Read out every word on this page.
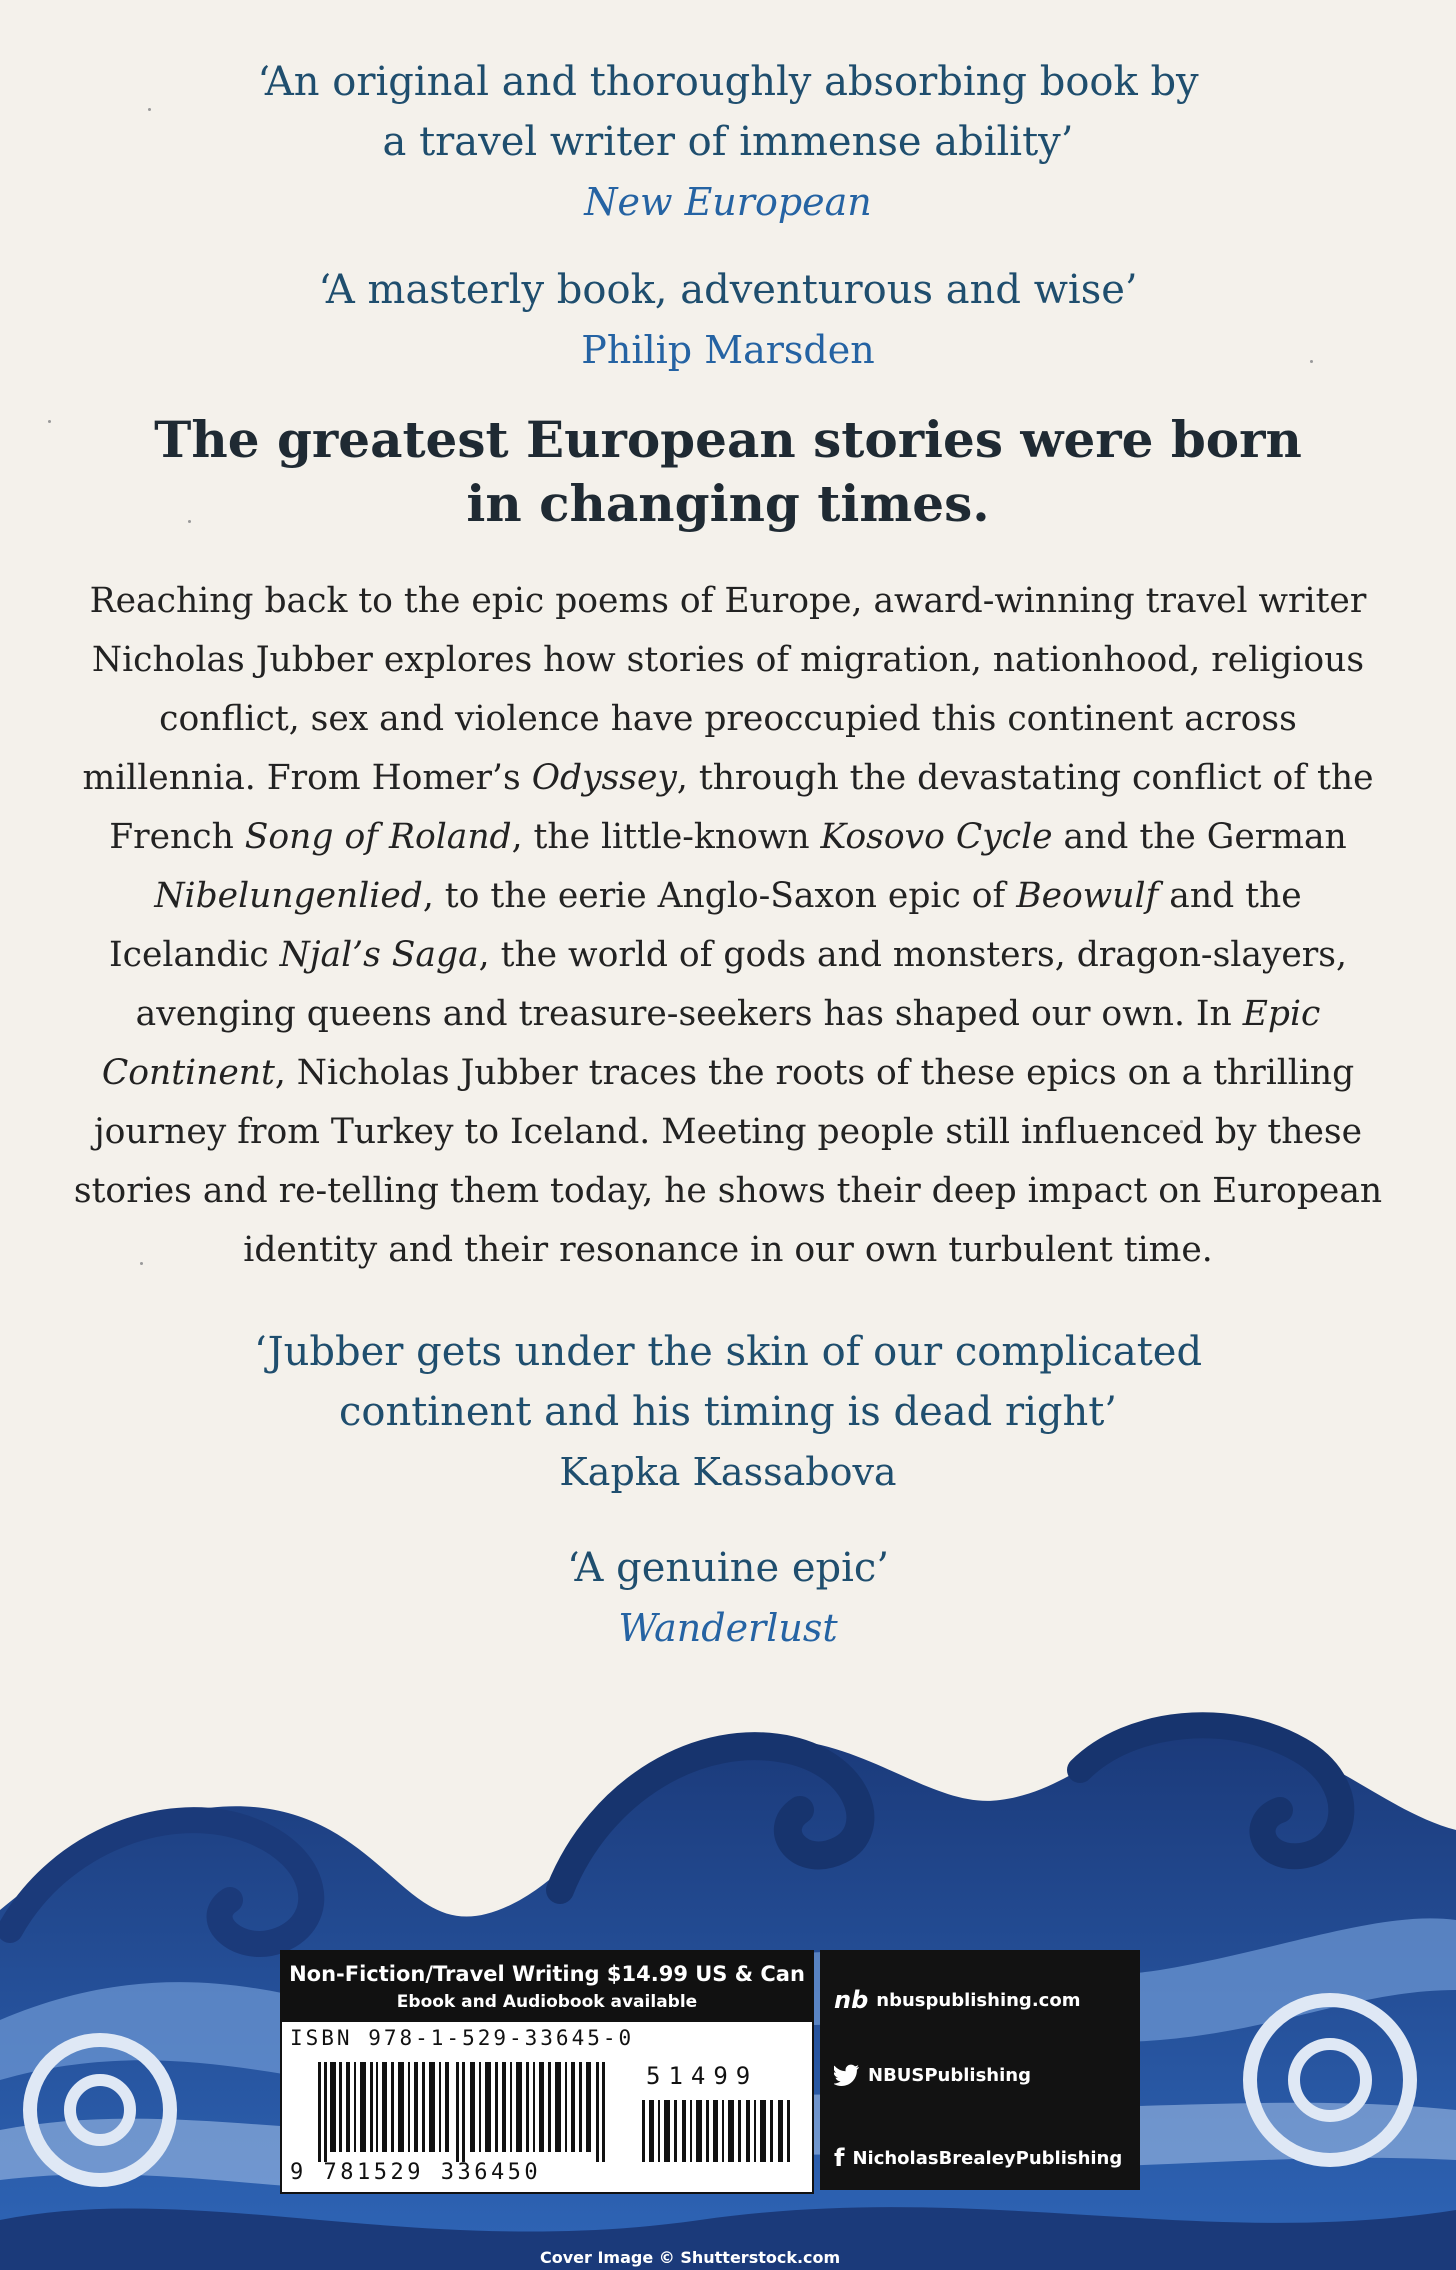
‘An original and thoroughly absorbing book by

a travel writer of immense ability’

New European

‘A masterly book, adventurous and wise’

Philip Marsden

The greatest European stories were born
in changing times.

Reaching back to the epic poems of Europe, award-winning travel writer Nicholas Jubber explores how stories of migration, nationhood, religious conflict, sex and violence have preoccupied this continent across millennia. From Homer’s Odyssey, through the devastating conflict of the French Song of Roland, the little-known Kosovo Cycle and the German Nibelungenlied, to the eerie Anglo-Saxon epic of Beowulf and the Icelandic Njal’s Saga, the world of gods and monsters, dragon-slayers, avenging queens and treasure-seekers has shaped our own. In Epic Continent, Nicholas Jubber traces the roots of these epics on a thrilling journey from Turkey to Iceland. Meeting people still influenced by these stories and re-telling them today, he shows their deep impact on European identity and their resonance in our own turbulent time.

‘Jubber gets under the skin of our complicated

continent and his timing is dead right’

Kapka Kassabova

‘A genuine epic’

Wanderlust

Non-Fiction/Travel Writing $14.99 US & Can
Ebook and Audiobook available
ISBN 978-1-529-33645-0
51499
9 781529 336450
nb nbuspublishing.com
NBUSPublishing
f NicholasBrealeyPublishing
Cover Image © Shutterstock.com
